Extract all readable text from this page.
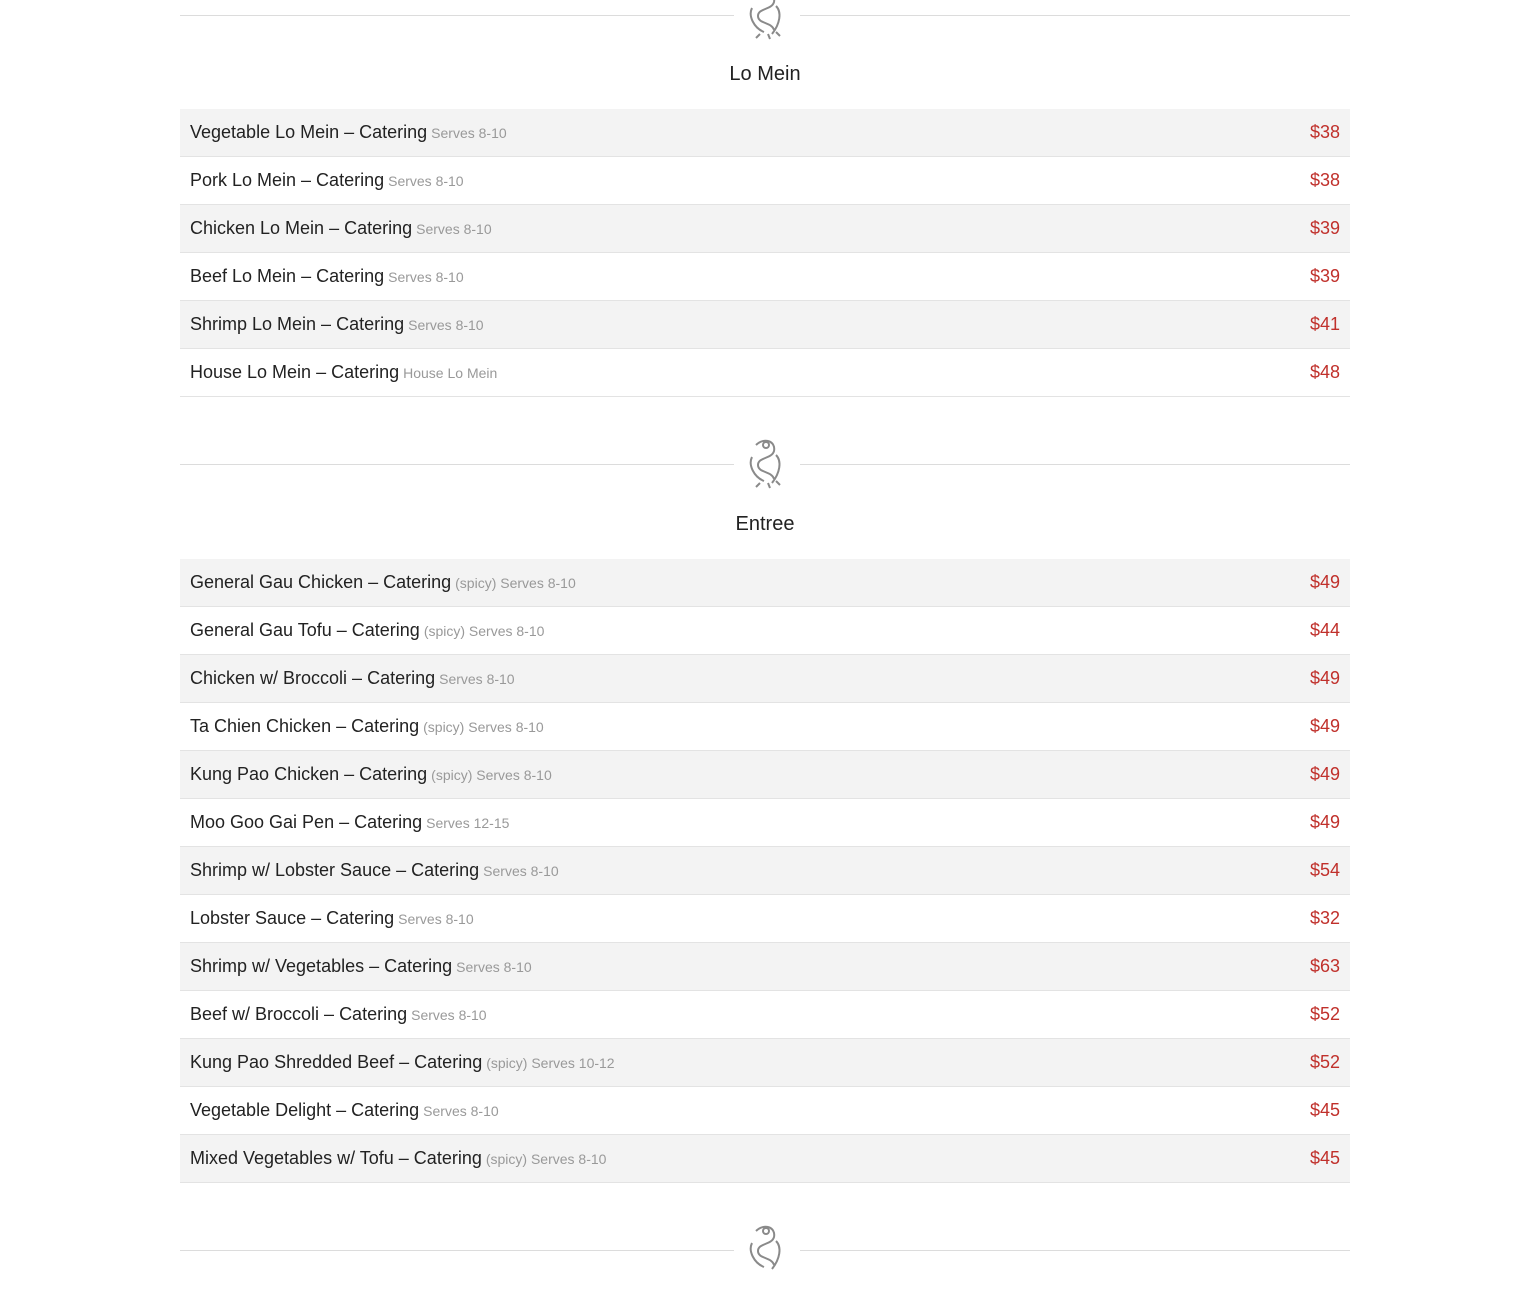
Lo Mein
Vegetable Lo Mein – Catering Serves 8-10	$38
Pork Lo Mein – Catering Serves 8-10	$38
Chicken Lo Mein – Catering Serves 8-10	$39
Beef Lo Mein – Catering Serves 8-10	$39
Shrimp Lo Mein – Catering Serves 8-10	$41
House Lo Mein – Catering House Lo Mein	$48
Entree
General Gau Chicken – Catering (spicy) Serves 8-10	$49
General Gau Tofu – Catering (spicy) Serves 8-10	$44
Chicken w/ Broccoli – Catering Serves 8-10	$49
Ta Chien Chicken – Catering (spicy) Serves 8-10	$49
Kung Pao Chicken – Catering (spicy) Serves 8-10	$49
Moo Goo Gai Pen – Catering Serves 12-15	$49
Shrimp w/ Lobster Sauce – Catering Serves 8-10	$54
Lobster Sauce – Catering Serves 8-10	$32
Shrimp w/ Vegetables – Catering Serves 8-10	$63
Beef w/ Broccoli – Catering Serves 8-10	$52
Kung Pao Shredded Beef – Catering (spicy) Serves 10-12	$52
Vegetable Delight – Catering Serves 8-10	$45
Mixed Vegetables w/ Tofu – Catering (spicy) Serves 8-10	$45
